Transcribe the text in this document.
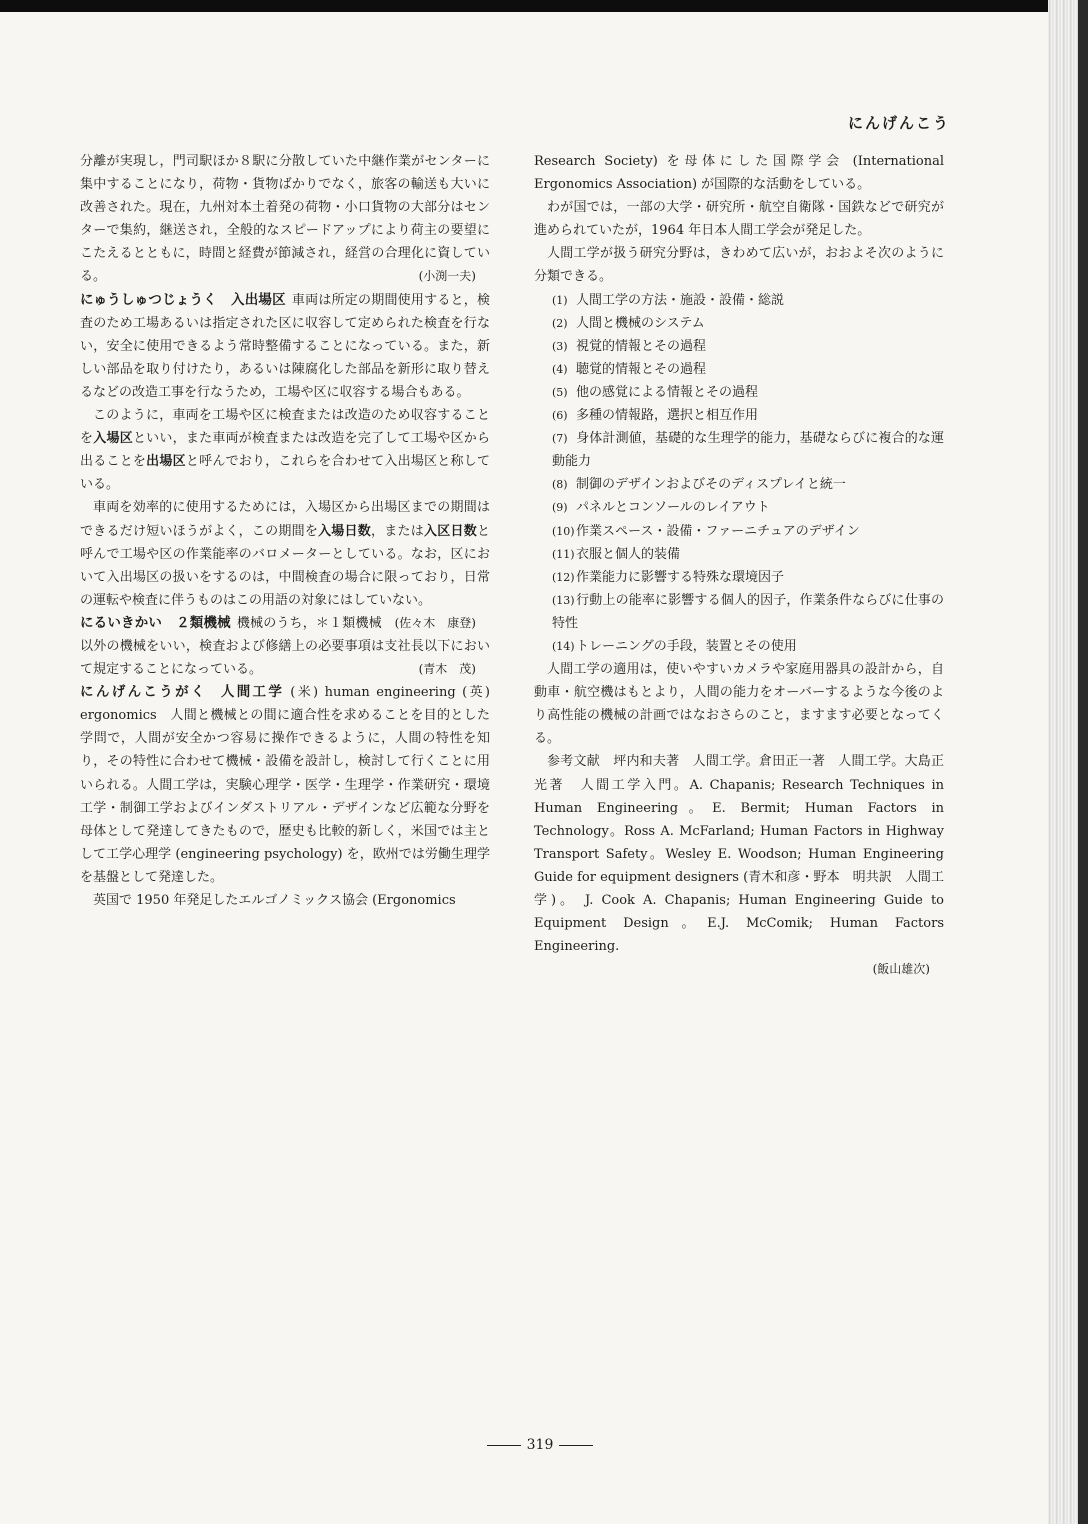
にんげんこう

分離が実現し，門司駅ほか８駅に分散していた中継作業がセンターに集中することになり，荷物・貨物ばかりでなく，旅客の輸送も大いに改善された。現在，九州対本土着発の荷物・小口貨物の大部分はセンターで集約，継送され，全般的なスピードアップにより荷主の要望にこたえるとともに，時間と経費が節減され，経営の合理化に資している。	(小渕一夫)

にゅうしゅつじょうく 入出場区 車両は所定の期間使用すると，検査のため工場あるいは指定された区に収容して定められた検査を行ない，安全に使用できるよう常時整備することになっている。また，新しい部品を取り付けたり，あるいは陳腐化した部品を新形に取り替えるなどの改造工事を行なうため，工場や区に収容する場合もある。

このように，車両を工場や区に検査または改造のため収容することを入場区といい，また車両が検査または改造を完了して工場や区から出ることを出場区と呼んでおり，これらを合わせて入出場区と称している。

車両を効率的に使用するためには，入場区から出場区までの期間はできるだけ短いほうがよく，この期間を入場日数，または入区日数と呼んで工場や区の作業能率のバロメーターとしている。なお，区において入出場区の扱いをするのは，中間検査の場合に限っており，日常の運転や検査に伴うものはこの用語の対象にはしていない。
(佐々木　康登)

にるいきかい ２類機械 機械のうち，＊１類機械以外の機械をいい，検査および修繕上の必要事項は支社長以下において規定することになっている。	(青木　茂)

にんげんこうがく 人間工学 (米) human engineering (英) ergonomics　人間と機械との間に適合性を求めることを目的とした学問で，人間が安全かつ容易に操作できるように，人間の特性を知り，その特性に合わせて機械・設備を設計し，検討して行くことに用いられる。人間工学は，実験心理学・医学・生理学・作業研究・環境工学・制御工学およびインダストリアル・デザインなど広範な分野を母体として発達してきたもので，歴史も比較的新しく，米国では主として工学心理学 (engineering psychology) を，欧州では労働生理学を基盤として発達した。

英国で 1950 年発足したエルゴノミックス協会 (Ergonomics

Research Society) を母体にした国際学会 (International Ergonomics Association) が国際的な活動をしている。

わが国では，一部の大学・研究所・航空自衛隊・国鉄などで研究が進められていたが，1964 年日本人間工学会が発足した。

人間工学が扱う研究分野は，きわめて広いが，おおよそ次のように分類できる。

(1) 人間工学の方法・施設・設備・総説

(2) 人間と機械のシステム

(3) 視覚的情報とその過程

(4) 聴覚的情報とその過程

(5) 他の感覚による情報とその過程

(6) 多種の情報路，選択と相互作用

(7) 身体計測値，基礎的な生理学的能力，基礎ならびに複合的な運動能力

(8) 制御のデザインおよびそのディスプレイと統一

(9) パネルとコンソールのレイアウト

(10)作業スペース・設備・ファーニチュアのデザイン

(11)衣服と個人的装備

(12)作業能力に影響する特殊な環境因子

(13)行動上の能率に影響する個人的因子，作業条件ならびに仕事の特性

(14)トレーニングの手段，装置とその使用

人間工学の適用は，使いやすいカメラや家庭用器具の設計から，自動車・航空機はもとより，人間の能力をオーバーするような今後のより高性能の機械の計画ではなおさらのこと，ますます必要となってくる。

参考文献　坪内和夫著　人間工学。倉田正一著　人間工学。大島正光著　人間工学入門。A. Chapanis; Research Techniques in Human Engineering。E. Bermit; Human Factors in Technology。Ross A. McFarland; Human Factors in Highway Transport Safety。Wesley E. Woodson; Human Engineering Guide for equipment designers (青木和彦・野本　明共訳　人間工学)。 J. Cook A. Chapanis; Human Engineering Guide to Equipment Design。E.J. McComik; Human Factors Engineering.

(飯山雄次)

319
